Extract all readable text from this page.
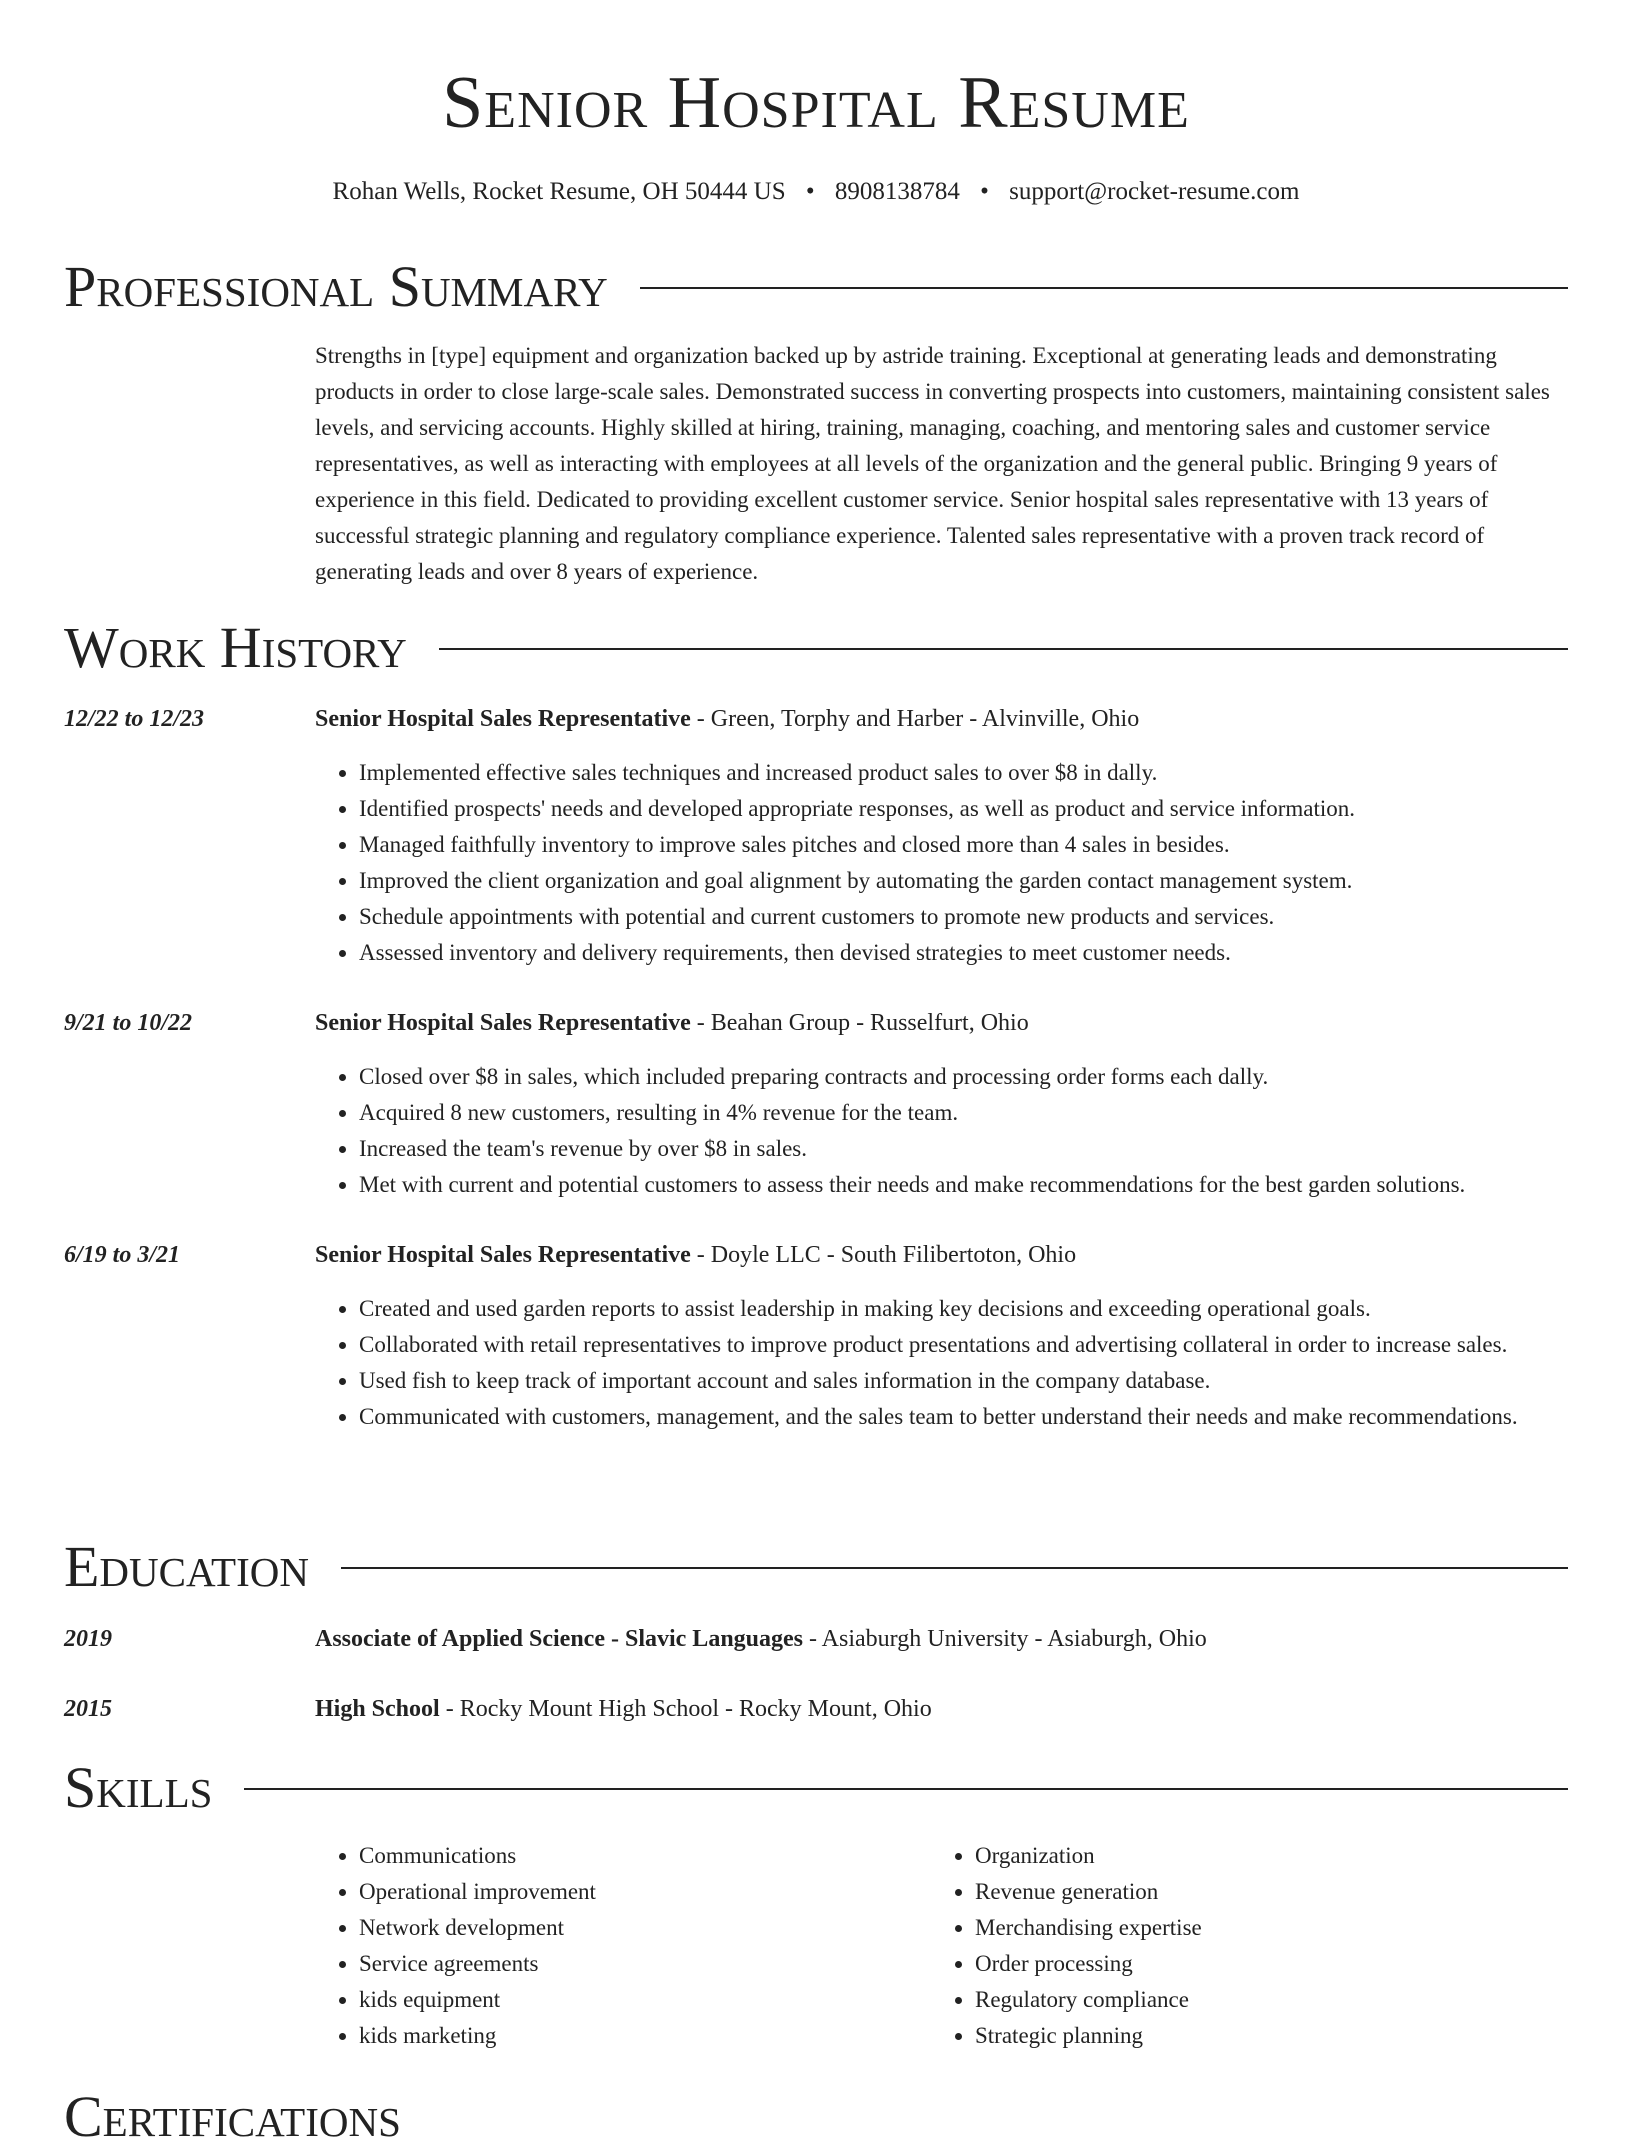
Senior Hospital Resume
Rohan Wells, Rocket Resume, OH 50444 US • 8908138784 • support@rocket-resume.com
Professional Summary

Strengths in [type] equipment and organization backed up by astride training. Exceptional at generating leads and demonstrating products in order to close large-scale sales. Demonstrated success in converting prospects into customers, maintaining consistent sales levels, and servicing accounts. Highly skilled at hiring, training, managing, coaching, and mentoring sales and customer service representatives, as well as interacting with employees at all levels of the organization and the general public. Bringing 9 years of experience in this field. Dedicated to providing excellent customer service. Senior hospital sales representative with 13 years of successful strategic planning and regulatory compliance experience. Talented sales representative with a proven track record of generating leads and over 8 years of experience.

Work History
12/22 to 12/23	Senior Hospital Sales Representative - Green, Torphy and Harber - Alvinville, Ohio
• Implemented effective sales techniques and increased product sales to over $8 in dally.
• Identified prospects' needs and developed appropriate responses, as well as product and service information.
• Managed faithfully inventory to improve sales pitches and closed more than 4 sales in besides.
• Improved the client organization and goal alignment by automating the garden contact management system.
• Schedule appointments with potential and current customers to promote new products and services.
• Assessed inventory and delivery requirements, then devised strategies to meet customer needs.
9/21 to 10/22	Senior Hospital Sales Representative - Beahan Group - Russelfurt, Ohio
• Closed over $8 in sales, which included preparing contracts and processing order forms each dally.
• Acquired 8 new customers, resulting in 4% revenue for the team.
• Increased the team's revenue by over $8 in sales.
• Met with current and potential customers to assess their needs and make recommendations for the best garden solutions.
6/19 to 3/21	Senior Hospital Sales Representative - Doyle LLC - South Filibertoton, Ohio
• Created and used garden reports to assist leadership in making key decisions and exceeding operational goals.
• Collaborated with retail representatives to improve product presentations and advertising collateral in order to increase sales.
• Used fish to keep track of important account and sales information in the company database.
• Communicated with customers, management, and the sales team to better understand their needs and make recommendations.
Education
2019	Associate of Applied Science - Slavic Languages - Asiaburgh University - Asiaburgh, Ohio
2015	High School - Rocky Mount High School - Rocky Mount, Ohio
Skills
• Communications
• Operational improvement
• Network development
• Service agreements
• kids equipment
• kids marketing
• Organization
• Revenue generation
• Merchandising expertise
• Order processing
• Regulatory compliance
• Strategic planning
Certifications
